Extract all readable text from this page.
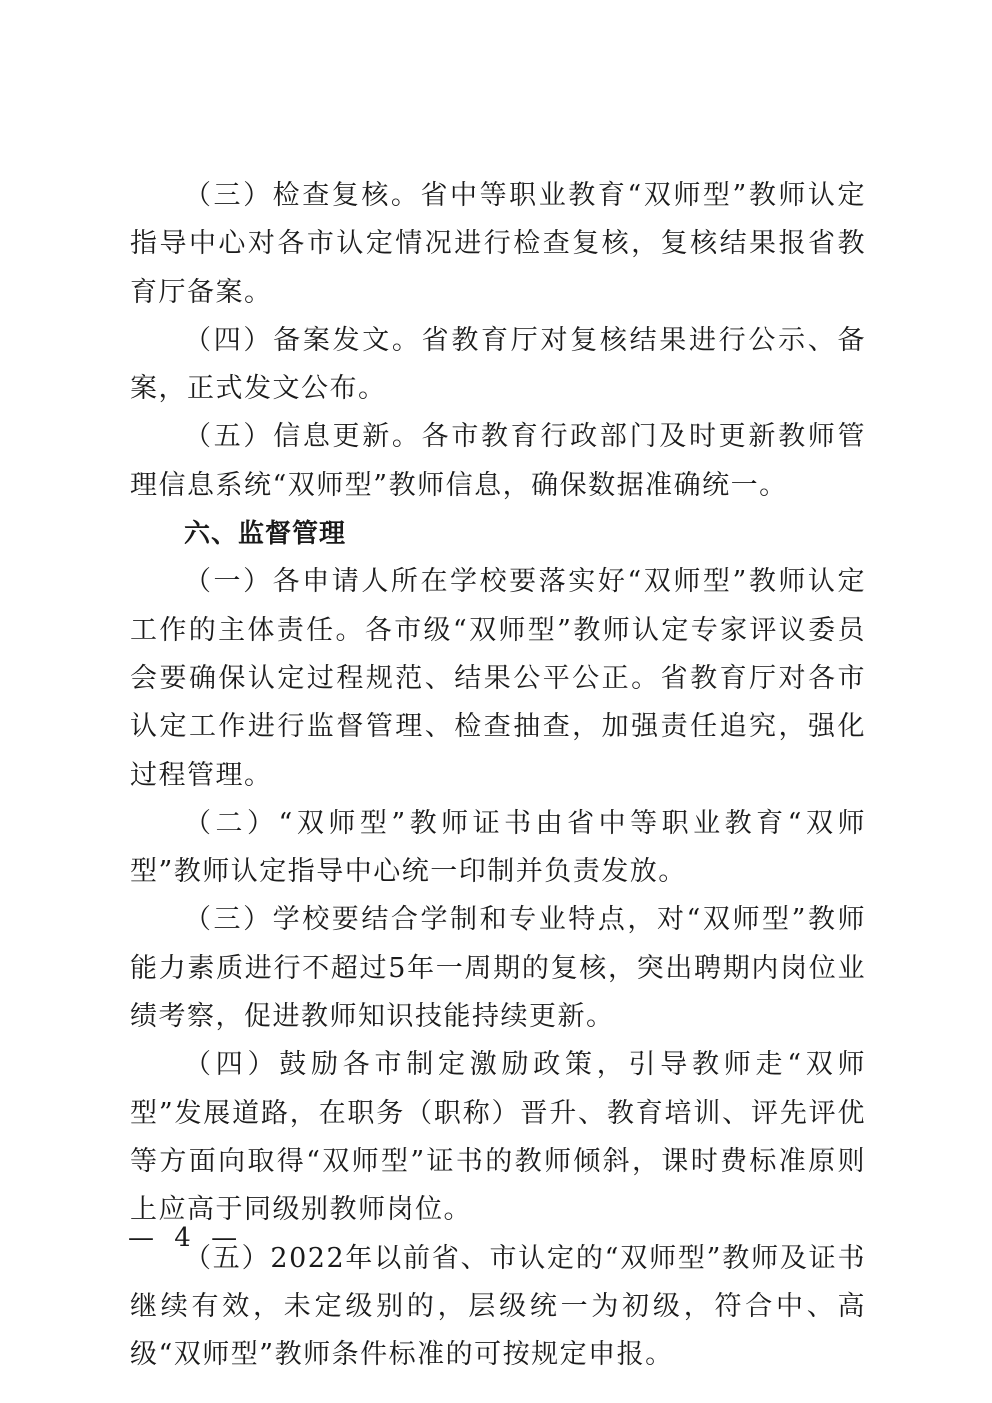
（三）检查复核。省中等职业教育“双师型”教师认定指导中心对各市认定情况进行检查复核，复核结果报省教育厅备案。

（四）备案发文。省教育厅对复核结果进行公示、备案，正式发文公布。

（五）信息更新。各市教育行政部门及时更新教师管理信息系统“双师型”教师信息，确保数据准确统一。

六、监督管理

（一）各申请人所在学校要落实好“双师型”教师认定工作的主体责任。各市级“双师型”教师认定专家评议委员会要确保认定过程规范、结果公平公正。省教育厅对各市认定工作进行监督管理、检查抽查，加强责任追究，强化过程管理。

（二）“双师型”教师证书由省中等职业教育“双师型”教师认定指导中心统一印制并负责发放。

（三）学校要结合学制和专业特点，对“双师型”教师能力素质进行不超过5年一周期的复核，突出聘期内岗位业绩考察，促进教师知识技能持续更新。

（四）鼓励各市制定激励政策，引导教师走“双师型”发展道路，在职务（职称）晋升、教育培训、评先评优等方面向取得“双师型”证书的教师倾斜，课时费标准原则上应高于同级别教师岗位。

（五）2022年以前省、市认定的“双师型”教师及证书继续有效，未定级别的，层级统一为初级，符合中、高级“双师型”教师条件标准的可按规定申报。

— 4 —
